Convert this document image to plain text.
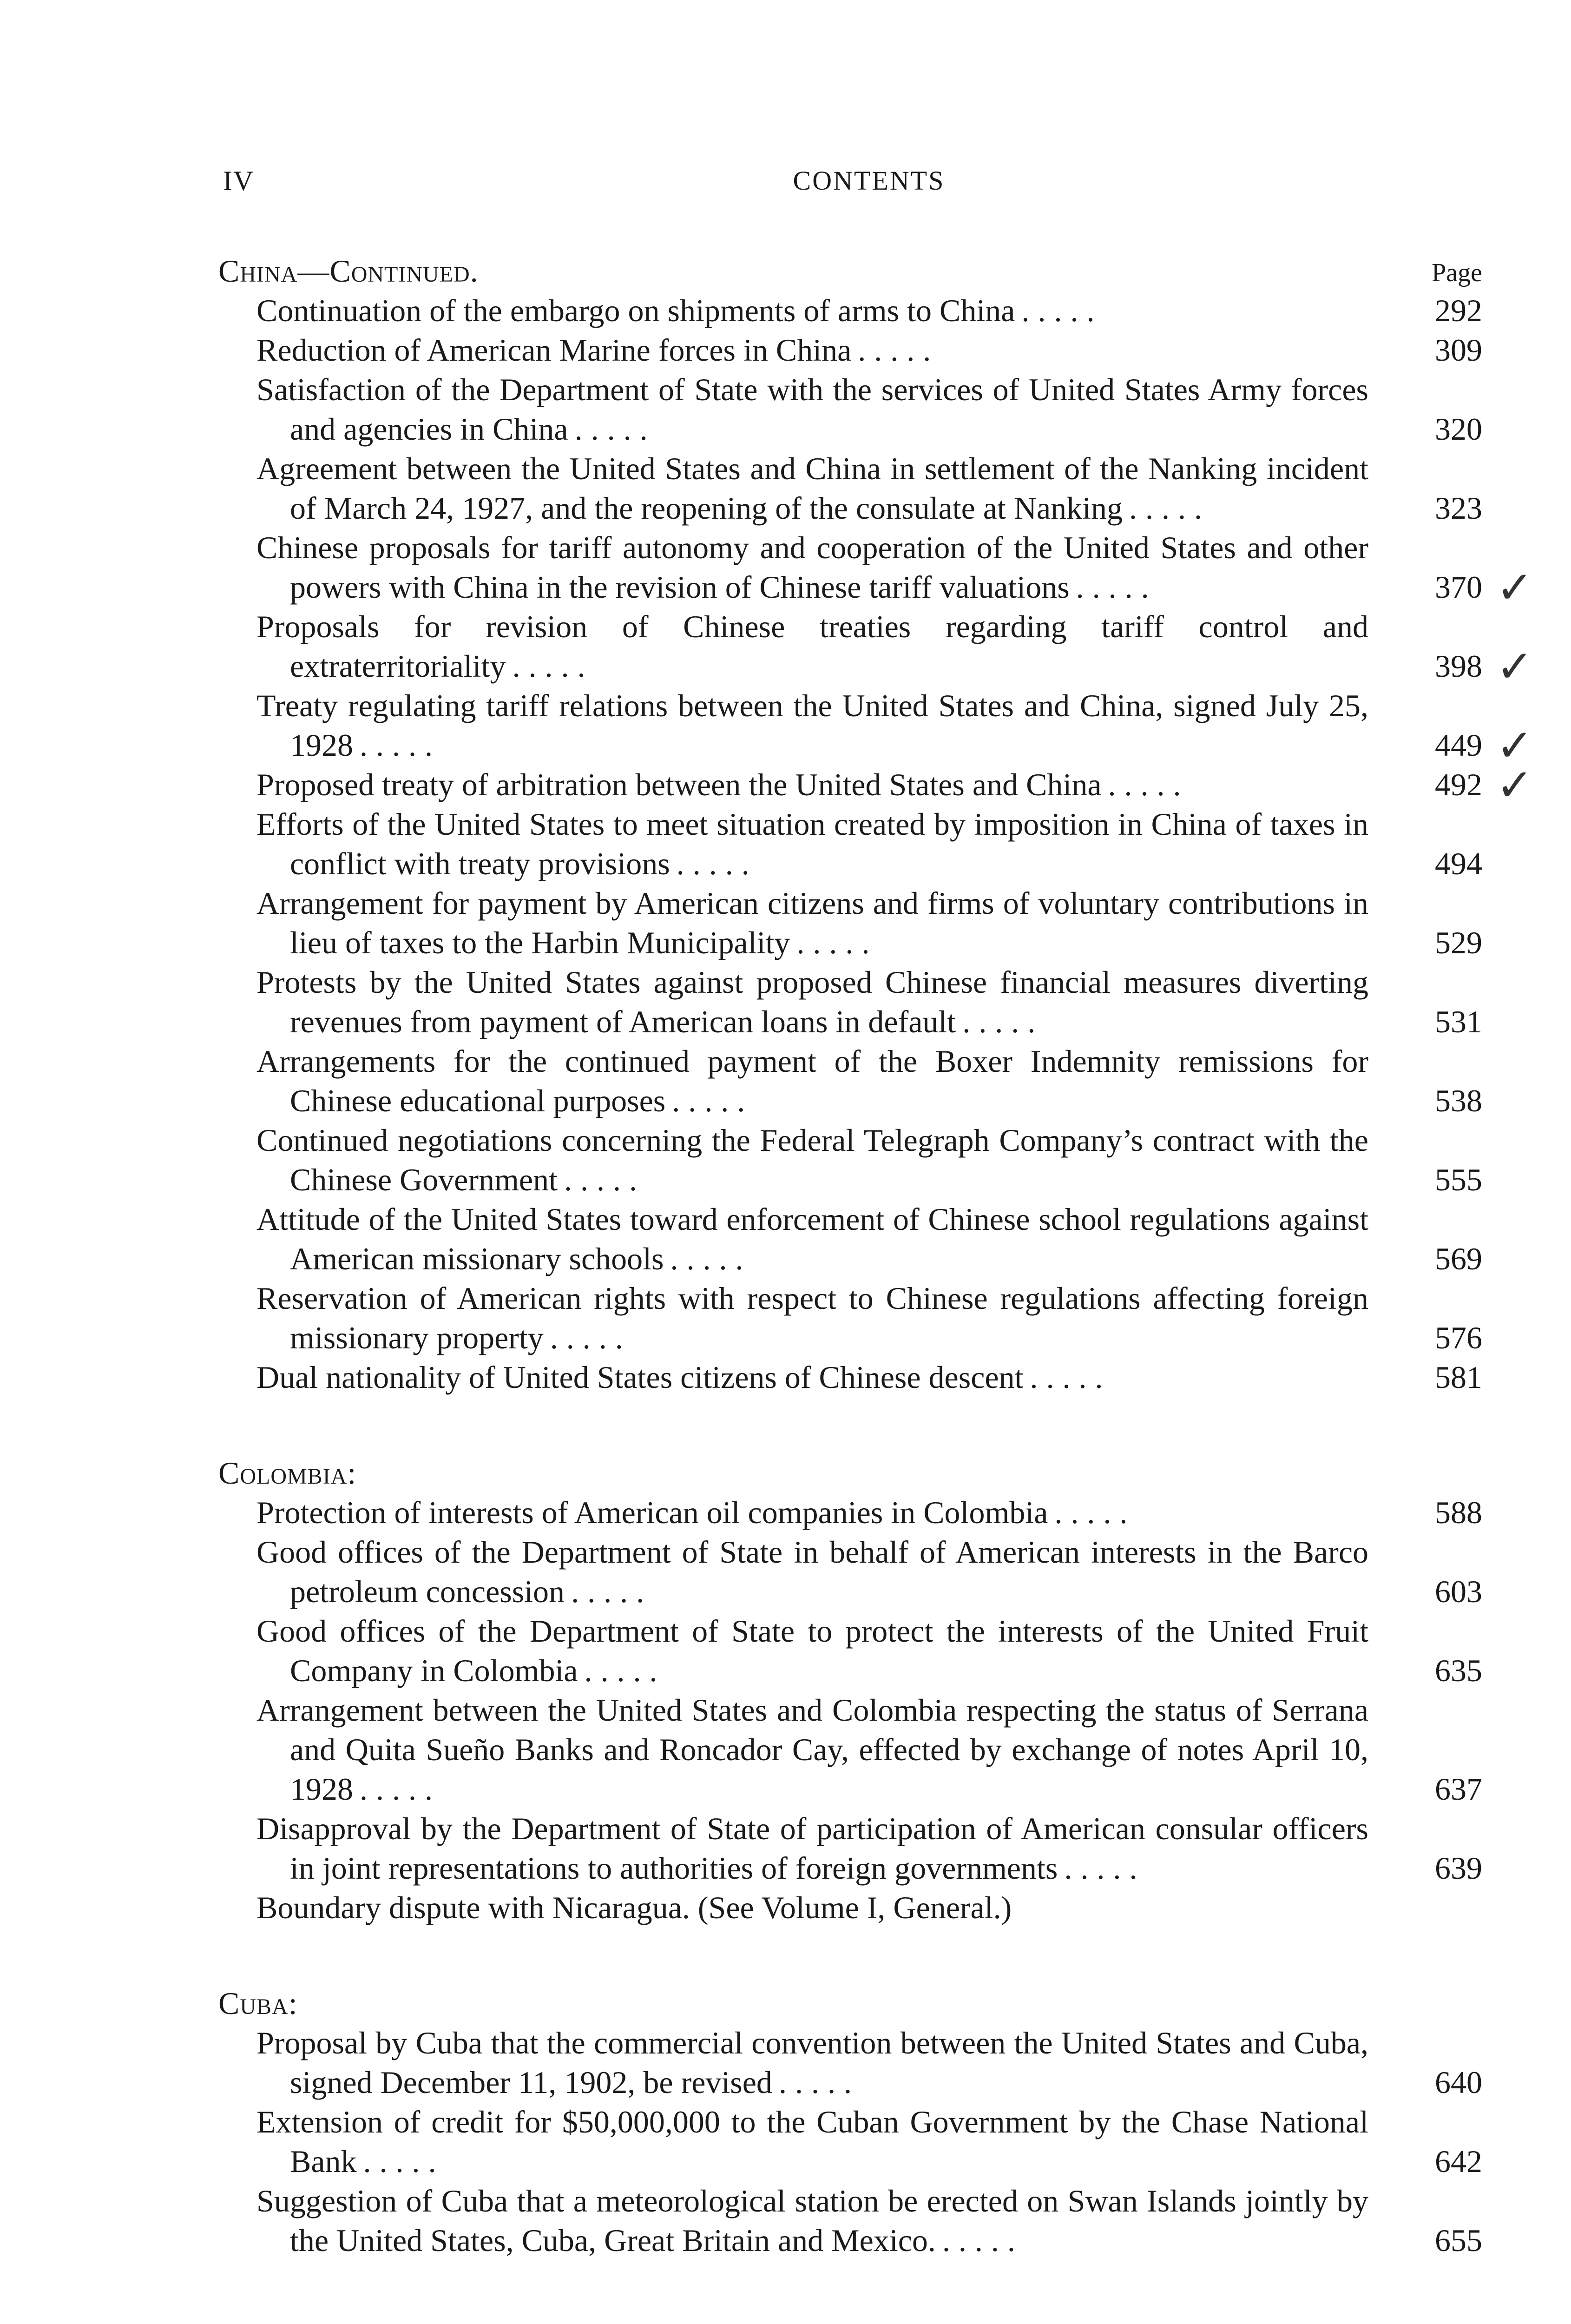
IV	CONTENTS
China—Continued.	Page
Continuation of the embargo on shipments of arms to China .....	292
Reduction of American Marine forces in China .....	309
Satisfaction of the Department of State with the services of United States Army forces and agencies in China .....	320
Agreement between the United States and China in settlement of the Nanking incident of March 24, 1927, and the reopening of the consulate at Nanking .....	323
Chinese proposals for tariff autonomy and cooperation of the United States and other powers with China in the revision of Chinese tariff valuations .....	370 ✓
Proposals for revision of Chinese treaties regarding tariff control and extraterritoriality .....	398 ✓
Treaty regulating tariff relations between the United States and China, signed July 25, 1928 .....	449 ✓
Proposed treaty of arbitration between the United States and China .....	492 ✓
Efforts of the United States to meet situation created by imposition in China of taxes in conflict with treaty provisions .....	494
Arrangement for payment by American citizens and firms of voluntary contributions in lieu of taxes to the Harbin Municipality .....	529
Protests by the United States against proposed Chinese financial measures diverting revenues from payment of American loans in default .....	531
Arrangements for the continued payment of the Boxer Indemnity remissions for Chinese educational purposes .....	538
Continued negotiations concerning the Federal Telegraph Company’s contract with the Chinese Government .....	555
Attitude of the United States toward enforcement of Chinese school regulations against American missionary schools .....	569
Reservation of American rights with respect to Chinese regulations affecting foreign missionary property .....	576
Dual nationality of United States citizens of Chinese descent .....	581
Colombia:
Protection of interests of American oil companies in Colombia .....	588
Good offices of the Department of State in behalf of American interests in the Barco petroleum concession .....	603
Good offices of the Department of State to protect the interests of the United Fruit Company in Colombia .....	635
Arrangement between the United States and Colombia respecting the status of Serrana and Quita Sueño Banks and Roncador Cay, effected by exchange of notes April 10, 1928 .....	637
Disapproval by the Department of State of participation of American consular officers in joint representations to authorities of foreign governments .....	639
Boundary dispute with Nicaragua. (See Volume I, General.)
Cuba:
Proposal by Cuba that the commercial convention between the United States and Cuba, signed December 11, 1902, be revised .....	640
Extension of credit for $50,000,000 to the Cuban Government by the Chase National Bank .....	642
Suggestion of Cuba that a meteorological station be erected on Swan Islands jointly by the United States, Cuba, Great Britain and Mexico. .....	655
